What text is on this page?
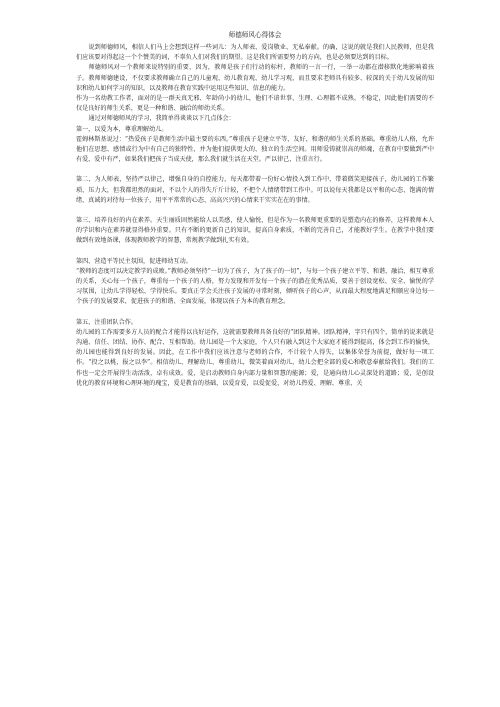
师德师风心得体会

说到师德师风，相信人们马上会想到这样一些词儿：为人师表、爱岗敬业、无私奉献。的确，这说的就是我们人民教师，但是我们应该要对得起这一个个赞美的词，不辜负人们对我们的期望。这是我们所需要努力的方向，也是必须要达到的目标。

师德师风对一个教师来说特别的重要，因为，教师是孩子们行动的标杆，教师的一言一行，一举一动都在潜移默化地影响着孩子。教师师德建设，不仅要求教师确立自己的儿童观、幼儿教育观、幼儿学习观，而且要求老师具有较多、较深的关于幼儿发展的知识和幼儿如何学习的知识，以及教师在教育实践中运用这些知识、信息的能力。

作为一名幼教工作者，面对的是一群天真无邪、年龄尚小的幼儿，他们不谙世事，生理、心理都不成熟、不稳定，因此他们需要的不仅是良好的师生关系，更是一种和谐、融洽的师幼关系。

通过对师德师风的学习，我简单得谈谈以下几点体会：

第一，以爱为本，尊重理解幼儿。

霍姆林斯基说过：“热爱孩子是教师生活中最主要的东西。”尊重孩子是建立平等、友好、和谐的师生关系的基础。尊重幼儿人格，允许他们在思想、感情或行为中有自己的独特性，并为他们提供更大的、独立的生活空间。用师爱铸就崇高的师魂，在教育中要做到严中有爱、爱中有严，如果我们把孩子当成天使，那么我们就生活在天堂。严以律己，注重言行。

第二、为人师表，坚持严以律己，增强自身的自控能力，每天都带着一份好心情投入到工作中，带着微笑迎接孩子，幼儿园的工作繁琐、压力大，但我都坦然的面对，不以个人的得失斤斤计较，不把个人情绪带到工作中。可以说每天我都是以平和的心态、饱满的情绪，真诚的对待每一位孩子，用平平常常的心态、高高兴兴的心情来干实实在在的事情。

第三、培养良好的内在素养。天生丽质固然能给人以美感，使人愉悦，但是作为一名教师更重要的是塑造内在的修养，这样教师本人的学识和内在素养就显得格外重要。只有不断的更新自己的知识，提高自身素质，不断的完善自己，才能教好学生。在教学中我们要做到有效地备课，体现教师教学的智慧，常规教学做到扎实有效。

第四、营造平等民主氛围，促进师幼互动。

“教师的态度可以决定教学的成败。”教师必须坚持“一切为了孩子，为了孩子的一切”，与每一个孩子建立平等、和谐、融洽、相互尊重的关系，关心每一个孩子，尊重每一个孩子的人格，努力发现和开发每一个孩子的潜在优秀品质，要善于创设宽松、安全、愉悦的学习氛围，让幼儿学得轻松、学得快乐。要真正学会关注孩子发展的寻常时刻，倾听孩子的心声，从而最大程度地满足和顺应身边每一个孩子的发展要求，促进孩子的和谐、全面发展，体现以孩子为本的教育理念。

第五、注重团队合作。

幼儿园的工作需要多方人员的配合才能得以良好运作，这就需要教师具备良好的“团队精神。团队精神，字只有四个，简单的说来就是沟通、信任、团结、协作、配合、互相帮助。幼儿园是一个大家庭，个人只有融入到这个大家庭才能得到提高，体会到工作的愉快，幼儿园也能得到良好的发展。因此，在工作中我们应该注意与老师的合作，不计较个人得失，以集体荣誉为前提，做好每一项工作。“投之以桃，报之以李”。相信幼儿、理解幼儿、尊重幼儿，微笑着面对幼儿，幼儿会把全部的爱心和敬意奉献给我们。我们的工作也一定会开展得生动活泼，卓有成效。爱，是启动教师自身内部力量和智慧的能源；爱，是通向幼儿心灵深处的道路；爱，是创设优化的教育环境和心理环境的瑰宝，爱是教育的基础，以爱育爱，以爱促爱，对幼儿热爱、理解、尊重、关
